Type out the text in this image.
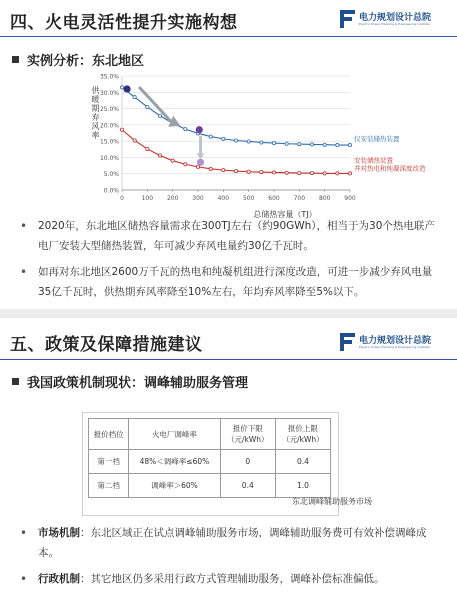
四、火电灵活性提升实施构想	电力规划设计总院
Electric Power Planning & Engineering Institute
实例分析：东北地区
0.0%
5.0%
10.0%
15.0%
20.0%
25.0%
30.0%
35.0%
0	100 200 300 400 500 600 700 800 900
仅安装储热装置
安装储热装置
并对热电和纯凝深度改造
总储热容量（TJ）
供暖期弃风率
• 2020年，东北地区储热容量需求在300TJ左右（约90GWh），相当于为30个热电联产电厂安装大型储热装置，年可减少弃风电量约30亿千瓦时。
• 如再对东北地区2600万千瓦的热电和纯凝机组进行深度改造，可进一步减少弃风电量35亿千瓦时，供热期弃风率降至10%左右，年均弃风率降至5%以下。
五、政策及保障措施建议	电力规划设计总院
Electric Power Planning & Engineering Institute
我国政策机制现状：调峰辅助服务管理
报价档位	火电厂调峰率	报价下限
（元/kWh）	报价上限
（元/kWh）
第一档	48%＜调峰率≤60%	0	0.4
第二档	调峰率＞60%	0.4	1.0
东北调峰辅助服务市场
• 市场机制：东北区域正在试点调峰辅助服务市场，调峰辅助服务费可有效补偿调峰成本。
• 行政机制：其它地区仍多采用行政方式管理辅助服务，调峰补偿标准偏低。
